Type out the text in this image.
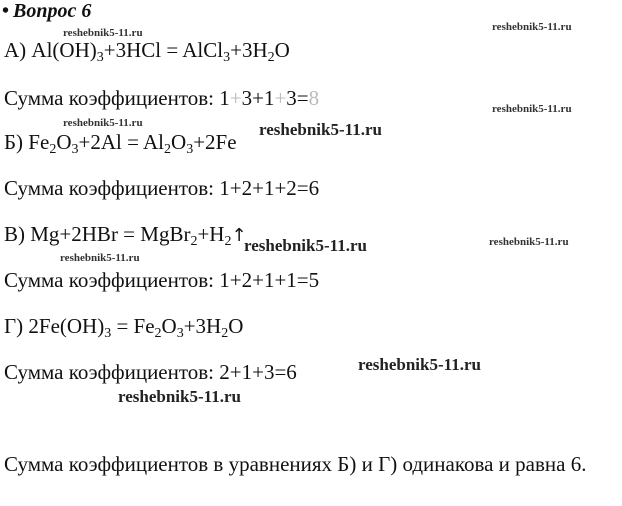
• Вопрос 6
reshebnik5-11.ru	reshebnik5-11.ru
reshebnik5-11.ru
reshebnik5-11.ru	reshebnik5-11.ru
reshebnik5-11.ru	reshebnik5-11.ru
reshebnik5-11.ru
reshebnik5-11.ru
reshebnik5-11.ru
А) $Al(OH)_3+3HCl$ = $AlCl_3+3H_2O$
Сумма коэффициентов: 1+3+1+3=8
Б) $Fe_2O_3+2Al = Al_2O_3+2Fe$
Сумма коэффициентов: 1+2+1+2=6
В) $Mg+2HBr = MgBr_2+H_2↑$
Сумма коэффициентов: 1+2+1+1=5
Г) $2Fe(OH)_3 = Fe_2O_3+3H_2O$
Сумма коэффициентов: 2+1+3=6
Сумма коэффициентов в уравнениях Б) и Г) одинакова и равна 6.
